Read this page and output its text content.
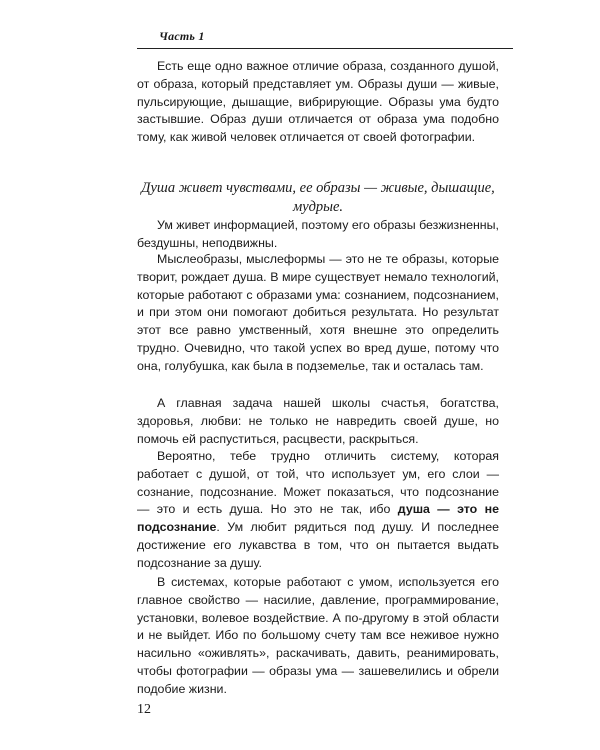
Часть 1

Есть еще одно важное отличие образа, созданного душой, от образа, который представляет ум. Образы души — живые, пульсирующие, дышащие, вибрирующие. Образы ума будто застывшие. Образ души отличается от образа ума подобно тому, как живой человек отличается от своей фотографии.

Душа живет чувствами, ее образы — живые, дышащие, мудрые.

Ум живет информацией, поэтому его образы безжизненны, бездушны, неподвижны.

Мыслеобразы, мыслеформы — это не те образы, которые творит, рождает душа. В мире существует немало технологий, которые работают с образами ума: сознанием, подсознанием, и при этом они помогают добиться результата. Но результат этот все равно умственный, хотя внешне это определить трудно. Очевидно, что такой успех во вред душе, потому что она, голубушка, как была в подземелье, так и осталась там.

А главная задача нашей школы счастья, богатства, здоровья, любви: не только не навредить своей душе, но помочь ей распуститься, расцвести, раскрыться.

Вероятно, тебе трудно отличить систему, которая работает с душой, от той, что использует ум, его слои — сознание, подсознание. Может показаться, что подсознание — это и есть душа. Но это не так, ибо душа — это не подсознание. Ум любит рядиться под душу. И последнее достижение его лукавства в том, что он пытается выдать подсознание за душу.

В системах, которые работают с умом, используется его главное свойство — насилие, давление, программирование, установки, волевое воздействие. А по-другому в этой области и не выйдет. Ибо по большому счету там все неживое нужно насильно «оживлять», раскачивать, давить, реанимировать, чтобы фотографии — образы ума — зашевелились и обрели подобие жизни.

12
